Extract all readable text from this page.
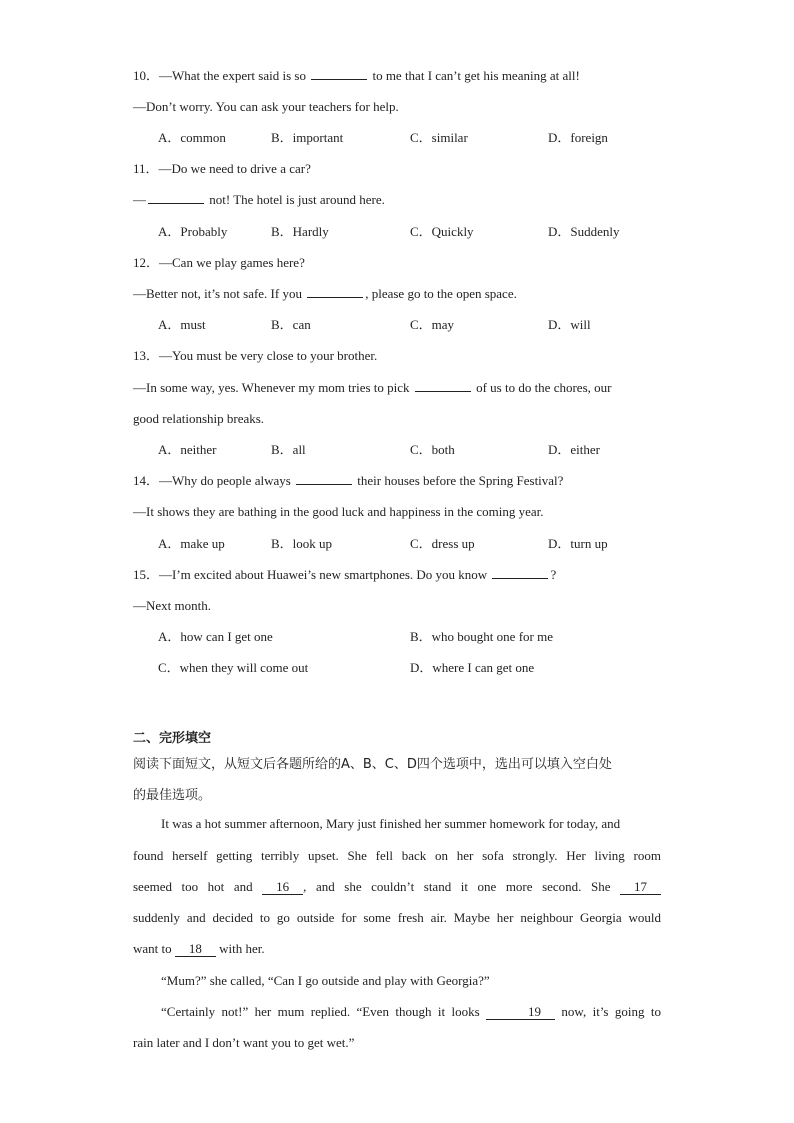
10．—What the expert said is so	to me that I can’t get his meaning at all!
—Don’t worry. You can ask your teachers for help.
A．common	B．important	C．similar	D．foreign
11．—Do we need to drive a car?
—	not! The hotel is just around here.
A．Probably	B．Hardly	C．Quickly	D．Suddenly
12．—Can we play games here?
—Better not, it’s not safe. If you	, please go to the open space.
A．must	B．can	C．may	D．will
13．—You must be very close to your brother.
—In some way, yes. Whenever my mom tries to pick	of us to do the chores, our
good relationship breaks.
A．neither	B．all	C．both	D．either
14．—Why do people always	their houses before the Spring Festival?
—It shows they are bathing in the good luck and happiness in the coming year.
A．make up	B．look up	C．dress up	D．turn up
15．—I’m excited about Huawei’s new smartphones. Do you know	?
—Next month.
A．how can I get one	B．who bought one for me
C．when they will come out	D．where I can get one
二、完形填空
阅读下面短文，从短文后各题所给的A、B、C、D四个选项中，选出可以填入空白处
的最佳选项。
It was a hot summer afternoon, Mary just finished her summer homework for today, and
found herself getting terribly upset. She fell back on her sofa strongly. Her living room
seemed too hot and 16 , and she couldn’t stand it one more second. She 17
suddenly and decided to go outside for some fresh air. Maybe her neighbour Georgia would
want to 18 with her.
“Mum?” she called, “Can I go outside and play with Georgia?”
“Certainly not!” her mum replied. “Even though it looks	19 now, it’s going to
rain later and I don’t want you to get wet.”
